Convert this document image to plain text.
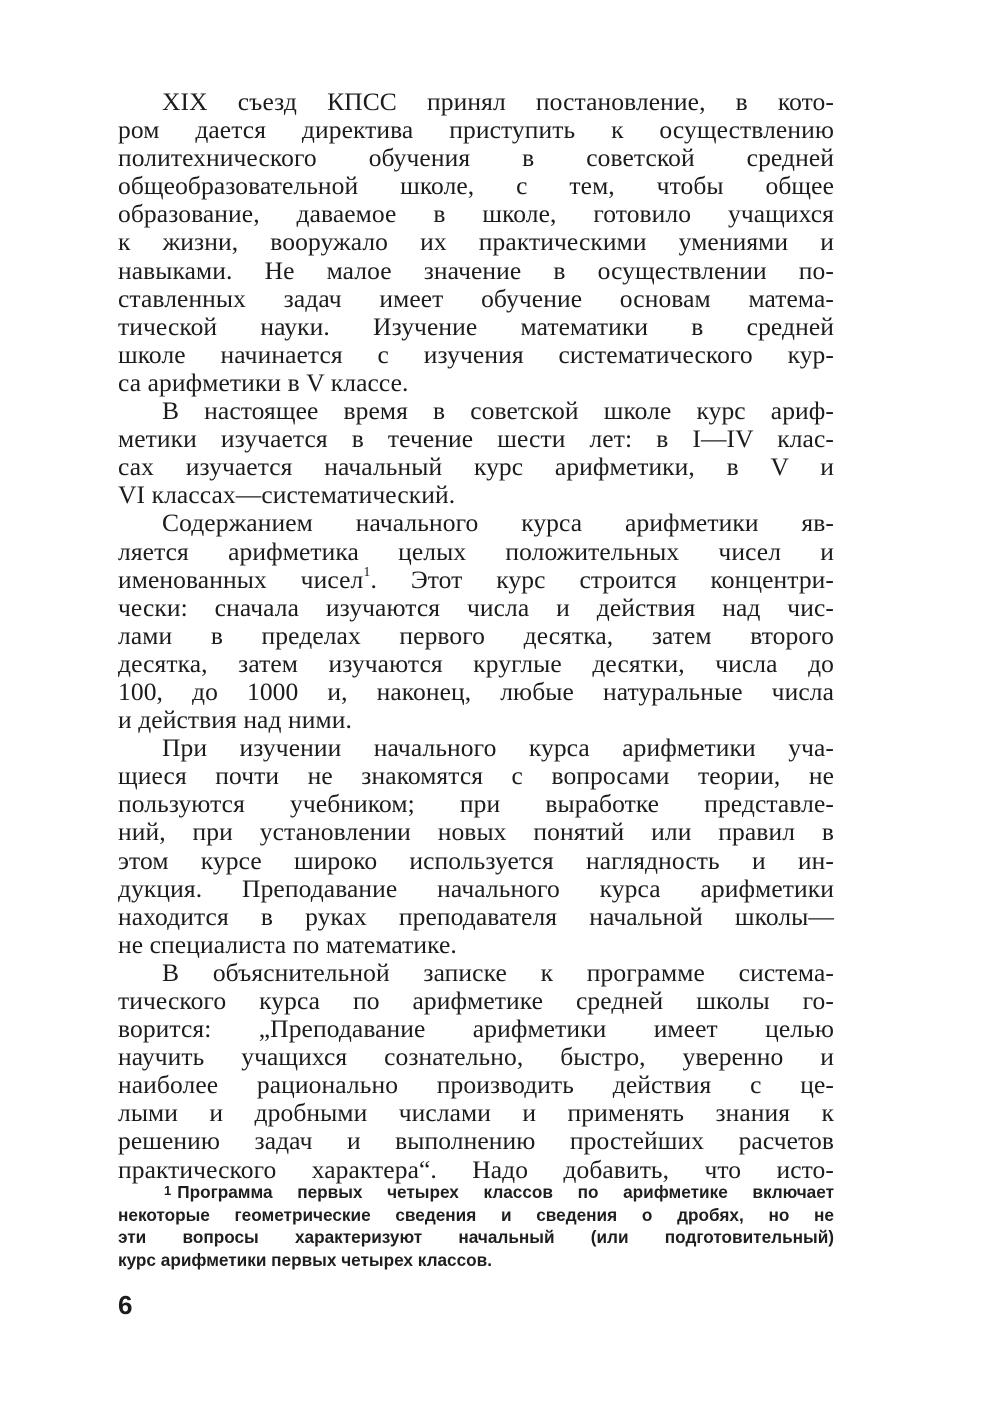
XIX съезд КПСС принял постановление, в кото-
ром дается директива приступить к осуществлению
политехнического обучения в советской средней
общеобразовательной школе, с тем, чтобы общее
образование, даваемое в школе, готовило учащихся
к жизни, вооружало их практическими умениями и
навыками. Не малое значение в осуществлении по-
ставленных задач имеет обучение основам матема-
тической науки. Изучение математики в средней
школе начинается с изучения систематического кур-
са арифметики в V классе.
В настоящее время в советской школе курс ариф-
метики изучается в течение шести лет: в I—IV клас-
сах изучается начальный курс арифметики, в V и
VI классах—систематический.
Содержанием начального курса арифметики яв-
ляется арифметика целых положительных чисел и
именованных чисел$^1$. Этот курс строится концентри-
чески: сначала изучаются числа и действия над чис-
лами в пределах первого десятка, затем второго
десятка, затем изучаются круглые десятки, числа до
100, до 1000 и, наконец, любые натуральные числа
и действия над ними.
При изучении начального курса арифметики уча-
щиеся почти не знакомятся с вопросами теории, не
пользуются учебником; при выработке представле-
ний, при установлении новых понятий или правил в
этом курсе широко используется наглядность и ин-
дукция. Преподавание начального курса арифметики
находится в руках преподавателя начальной школы—
не специалиста по математике.
В объяснительной записке к программе система-
тического курса по арифметике средней школы го-
ворится: „Преподавание арифметики имеет целью
научить учащихся сознательно, быстро, уверенно и
наиболее рационально производить действия с це-
лыми и дробными числами и применять знания к
решению задач и выполнению простейших расчетов
практического характера“. Надо добавить, что исто-
1 Программа первых четырех классов по арифметике включает
некоторые геометрические сведения и сведения о дробях, но не
эти вопросы характеризуют начальный (или подготовительный)
курс арифметики первых четырех классов.
6
